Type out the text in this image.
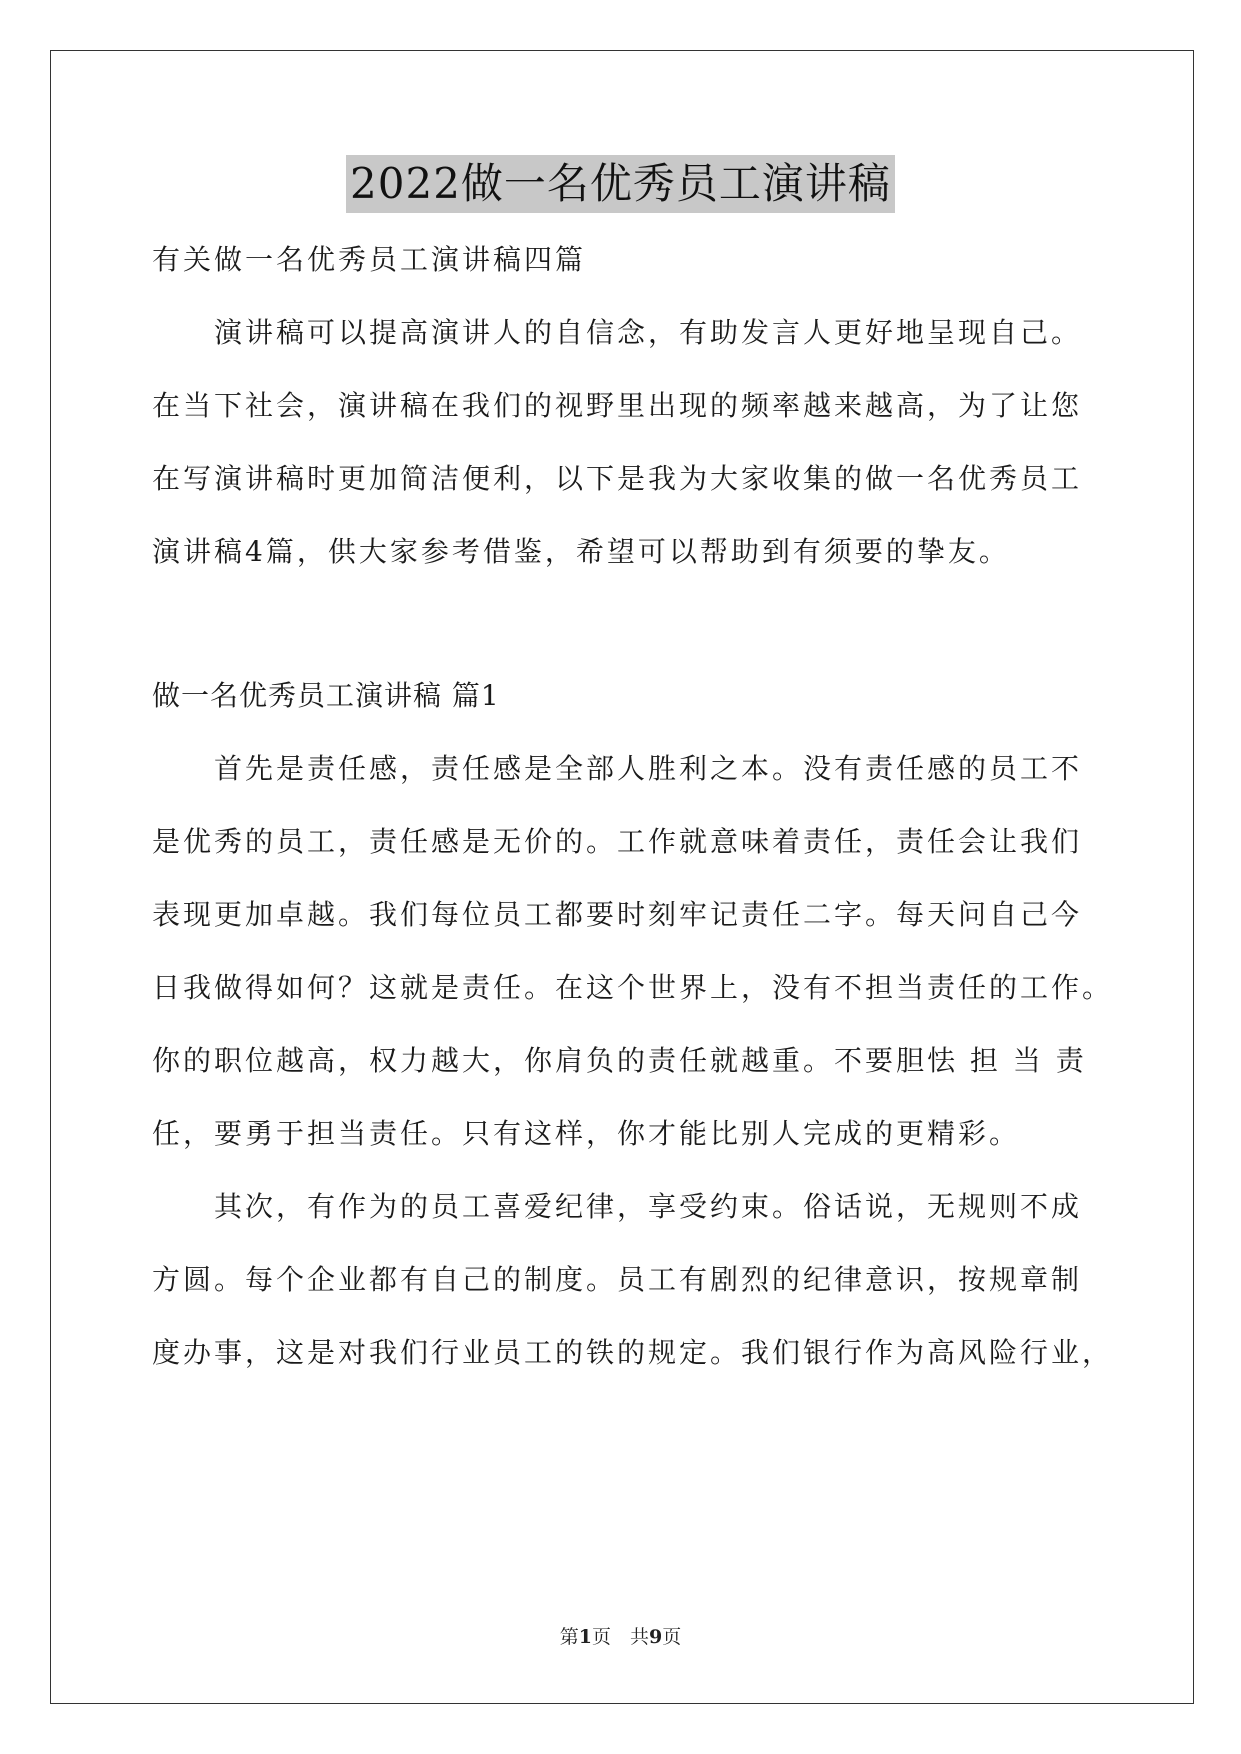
2022做一名优秀员工演讲稿
有关做一名优秀员工演讲稿四篇
　　演讲稿可以提高演讲人的自信念，有助发言人更好地呈现自己。
在当下社会，演讲稿在我们的视野里出现的频率越来越高，为了让您
在写演讲稿时更加简洁便利，以下是我为大家收集的做一名优秀员工
演讲稿4篇，供大家参考借鉴，希望可以帮助到有须要的挚友。
做一名优秀员工演讲稿 篇1
　　首先是责任感，责任感是全部人胜利之本。没有责任感的员工不
是优秀的员工，责任感是无价的。工作就意味着责任，责任会让我们
表现更加卓越。我们每位员工都要时刻牢记责任二字。每天问自己今
日我做得如何？这就是责任。在这个世界上，没有不担当责任的工作。
你的职位越高，权力越大，你肩负的责任就越重。不要胆怯 担 当 责
任，要勇于担当责任。只有这样，你才能比别人完成的更精彩。
　　其次，有作为的员工喜爱纪律，享受约束。俗话说，无规则不成
方圆。每个企业都有自己的制度。员工有剧烈的纪律意识，按规章制
度办事，这是对我们行业员工的铁的规定。我们银行作为高风险行业，
第1页　共9页
